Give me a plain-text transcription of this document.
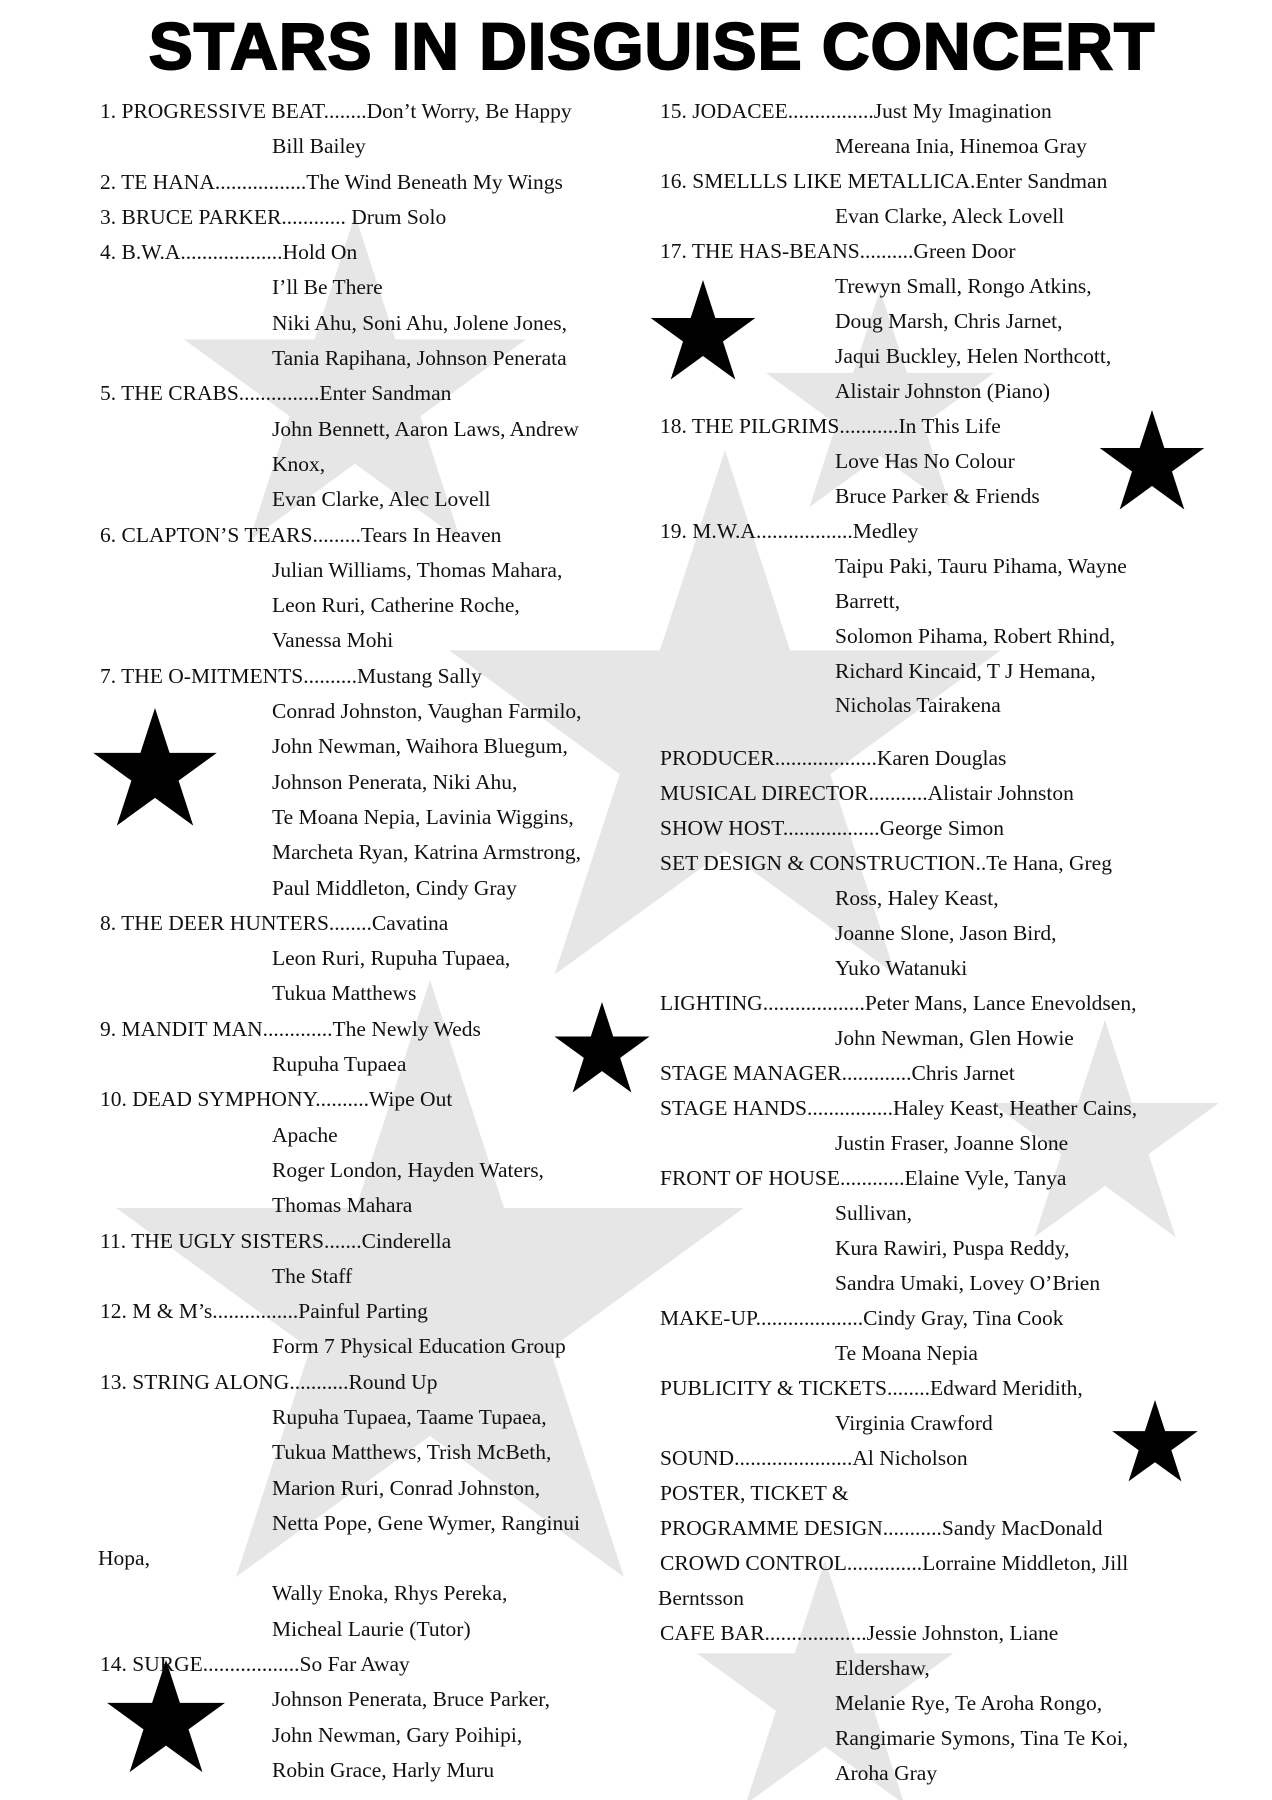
STARS IN DISGUISE CONCERT
1. PROGRESSIVE BEAT........Don’t Worry, Be Happy
Bill Bailey
2. TE HANA.................The Wind Beneath My Wings
3. BRUCE PARKER............ Drum Solo
4. B.W.A...................Hold On
I’ll Be There
Niki Ahu, Soni Ahu, Jolene Jones,
Tania Rapihana, Johnson Penerata
5. THE CRABS...............Enter Sandman
John Bennett, Aaron Laws, Andrew
Knox,
Evan Clarke, Alec Lovell
6. CLAPTON’S TEARS.........Tears In Heaven
Julian Williams, Thomas Mahara,
Leon Ruri, Catherine Roche,
Vanessa Mohi
7. THE O-MITMENTS..........Mustang Sally
Conrad Johnston, Vaughan Farmilo,
John Newman, Waihora Bluegum,
Johnson Penerata, Niki Ahu,
Te Moana Nepia, Lavinia Wiggins,
Marcheta Ryan, Katrina Armstrong,
Paul Middleton, Cindy Gray
8. THE DEER HUNTERS........Cavatina
Leon Ruri, Rupuha Tupaea,
Tukua Matthews
9. MANDIT MAN.............The Newly Weds
Rupuha Tupaea
10. DEAD SYMPHONY..........Wipe Out
Apache
Roger London, Hayden Waters,
Thomas Mahara
11. THE UGLY SISTERS.......Cinderella
The Staff
12. M & M’s................Painful Parting
Form 7 Physical Education Group
13. STRING ALONG...........Round Up
Rupuha Tupaea, Taame Tupaea,
Tukua Matthews, Trish McBeth,
Marion Ruri, Conrad Johnston,
Netta Pope, Gene Wymer, Ranginui
Hopa,
Wally Enoka, Rhys Pereka,
Micheal Laurie (Tutor)
14. SURGE..................So Far Away
Johnson Penerata, Bruce Parker,
John Newman, Gary Poihipi,
Robin Grace, Harly Muru
15. JODACEE................Just My Imagination
Mereana Inia, Hinemoa Gray
16. SMELLLS LIKE METALLICA.Enter Sandman
Evan Clarke, Aleck Lovell
17. THE HAS-BEANS..........Green Door
Trewyn Small, Rongo Atkins,
Doug Marsh, Chris Jarnet,
Jaqui Buckley, Helen Northcott,
Alistair Johnston (Piano)
18. THE PILGRIMS...........In This Life
Love Has No Colour
Bruce Parker & Friends
19. M.W.A..................Medley
Taipu Paki, Tauru Pihama, Wayne
Barrett,
Solomon Pihama, Robert Rhind,
Richard Kincaid, T J Hemana,
Nicholas Tairakena
PRODUCER...................Karen Douglas
MUSICAL DIRECTOR...........Alistair Johnston
SHOW HOST..................George Simon
SET DESIGN & CONSTRUCTION..Te Hana, Greg
Ross, Haley Keast,
Joanne Slone, Jason Bird,
Yuko Watanuki
LIGHTING...................Peter Mans, Lance Enevoldsen,
John Newman, Glen Howie
STAGE MANAGER.............Chris Jarnet
STAGE HANDS................Haley Keast, Heather Cains,
Justin Fraser, Joanne Slone
FRONT OF HOUSE............Elaine Vyle, Tanya
Sullivan,
Kura Rawiri, Puspa Reddy,
Sandra Umaki, Lovey O’Brien
MAKE-UP....................Cindy Gray, Tina Cook
Te Moana Nepia
PUBLICITY & TICKETS........Edward Meridith,
Virginia Crawford
SOUND......................Al Nicholson
POSTER, TICKET &
PROGRAMME DESIGN...........Sandy MacDonald
CROWD CONTROL..............Lorraine Middleton, Jill
Berntsson
CAFE BAR...................Jessie Johnston, Liane
Eldershaw,
Melanie Rye, Te Aroha Rongo,
Rangimarie Symons, Tina Te Koi,
Aroha Gray
